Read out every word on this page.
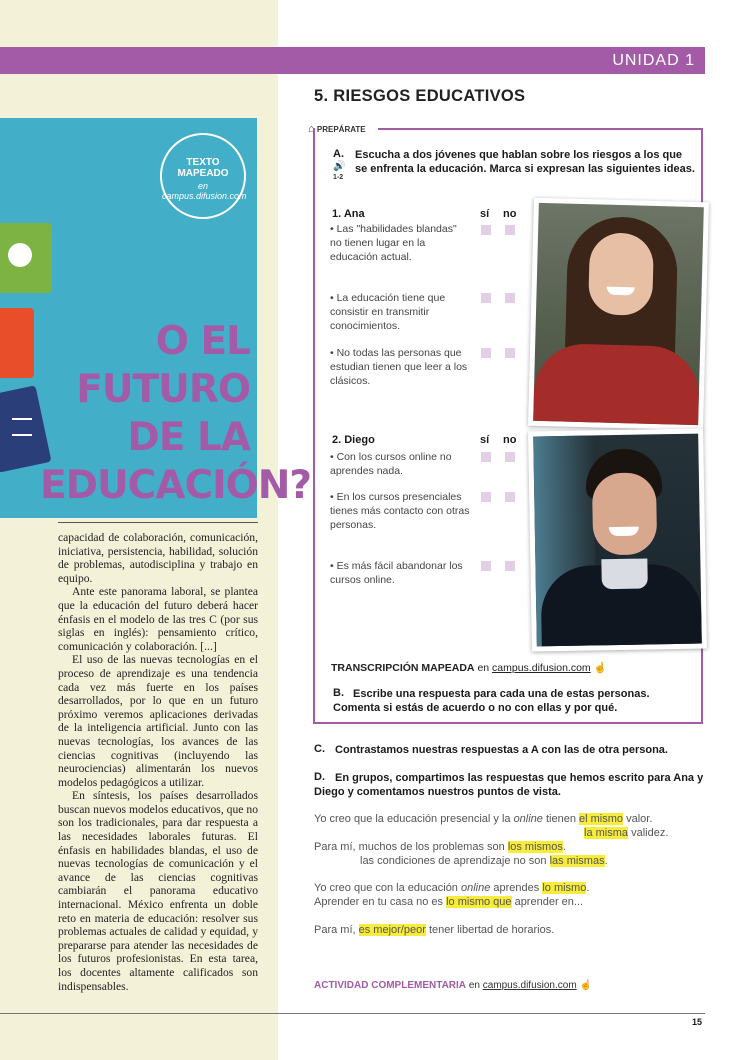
UNIDAD 1
TEXTO
MAPEADO
en campus.difusion.com
O EL
FUTURO
DE LA
EDUCACIÓN?

capacidad de colaboración, comunicación, iniciativa, persistencia, habilidad, solución de problemas, autodisciplina y trabajo en equipo.

Ante este panorama laboral, se plantea que la educación del futuro deberá hacer énfasis en el modelo de las tres C (por sus siglas en inglés): pensamiento crítico, comunicación y colaboración. [...]

El uso de las nuevas tecnologías en el proceso de aprendizaje es una tendencia cada vez más fuerte en los países desarrollados, por lo que en un futuro próximo veremos aplicaciones derivadas de la inteligencia artificial. Junto con las nuevas tecnologías, los avances de las ciencias cognitivas (incluyendo las neurociencias) alimentarán los nuevos modelos pedagógicos a utilizar.

En síntesis, los países desarrollados buscan nuevos modelos educativos, que no son los tradicionales, para dar respuesta a las necesidades laborales futuras. El énfasis en habilidades blandas, el uso de nuevas tecnologías de comunicación y el avance de las ciencias cognitivas cambiarán el panorama educativo internacional. México enfrenta un doble reto en materia de educación: resolver sus problemas actuales de calidad y equidad, y prepararse para atender las necesidades de los futuros profesionistas. En esta tarea, los docentes altamente calificados son indispensables.

5. RIESGOS EDUCATIVOS
⌂ PREPÁRATE
A.
🔊
1-2
Escucha a dos jóvenes que hablan sobre los riesgos a los que se enfrenta la educación. Marca si expresan las siguientes ideas.
1. Ana	sí no
• Las "habilidades blandas" no tienen lugar en la educación actual.
• La educación tiene que consistir en transmitir conocimientos.
• No todas las personas que estudian tienen que leer a los clásicos.
2. Diego	sí no
• Con los cursos online no aprendes nada.
• En los cursos presenciales tienes más contacto con otras personas.
• Es más fácil abandonar los cursos online.
TRANSCRIPCIÓN MAPEADA en campus.difusion.com ☝
B. Escribe una respuesta para cada una de estas personas. Comenta si estás de acuerdo o no con ellas y por qué.
C. Contrastamos nuestras respuestas a A con las de otra persona.
D. En grupos, compartimos las respuestas que hemos escrito para Ana y Diego y comentamos nuestros puntos de vista.
Yo creo que la educación presencial y la online tienen el mismo valor.
la misma validez.
Para mí, muchos de los problemas son los mismos.
las condiciones de aprendizaje no son las mismas.
Yo creo que con la educación online aprendes lo mismo.
Aprender en tu casa no es lo mismo que aprender en...
Para mí, es mejor/peor tener libertad de horarios.
ACTIVIDAD COMPLEMENTARIA en campus.difusion.com ☝
15
